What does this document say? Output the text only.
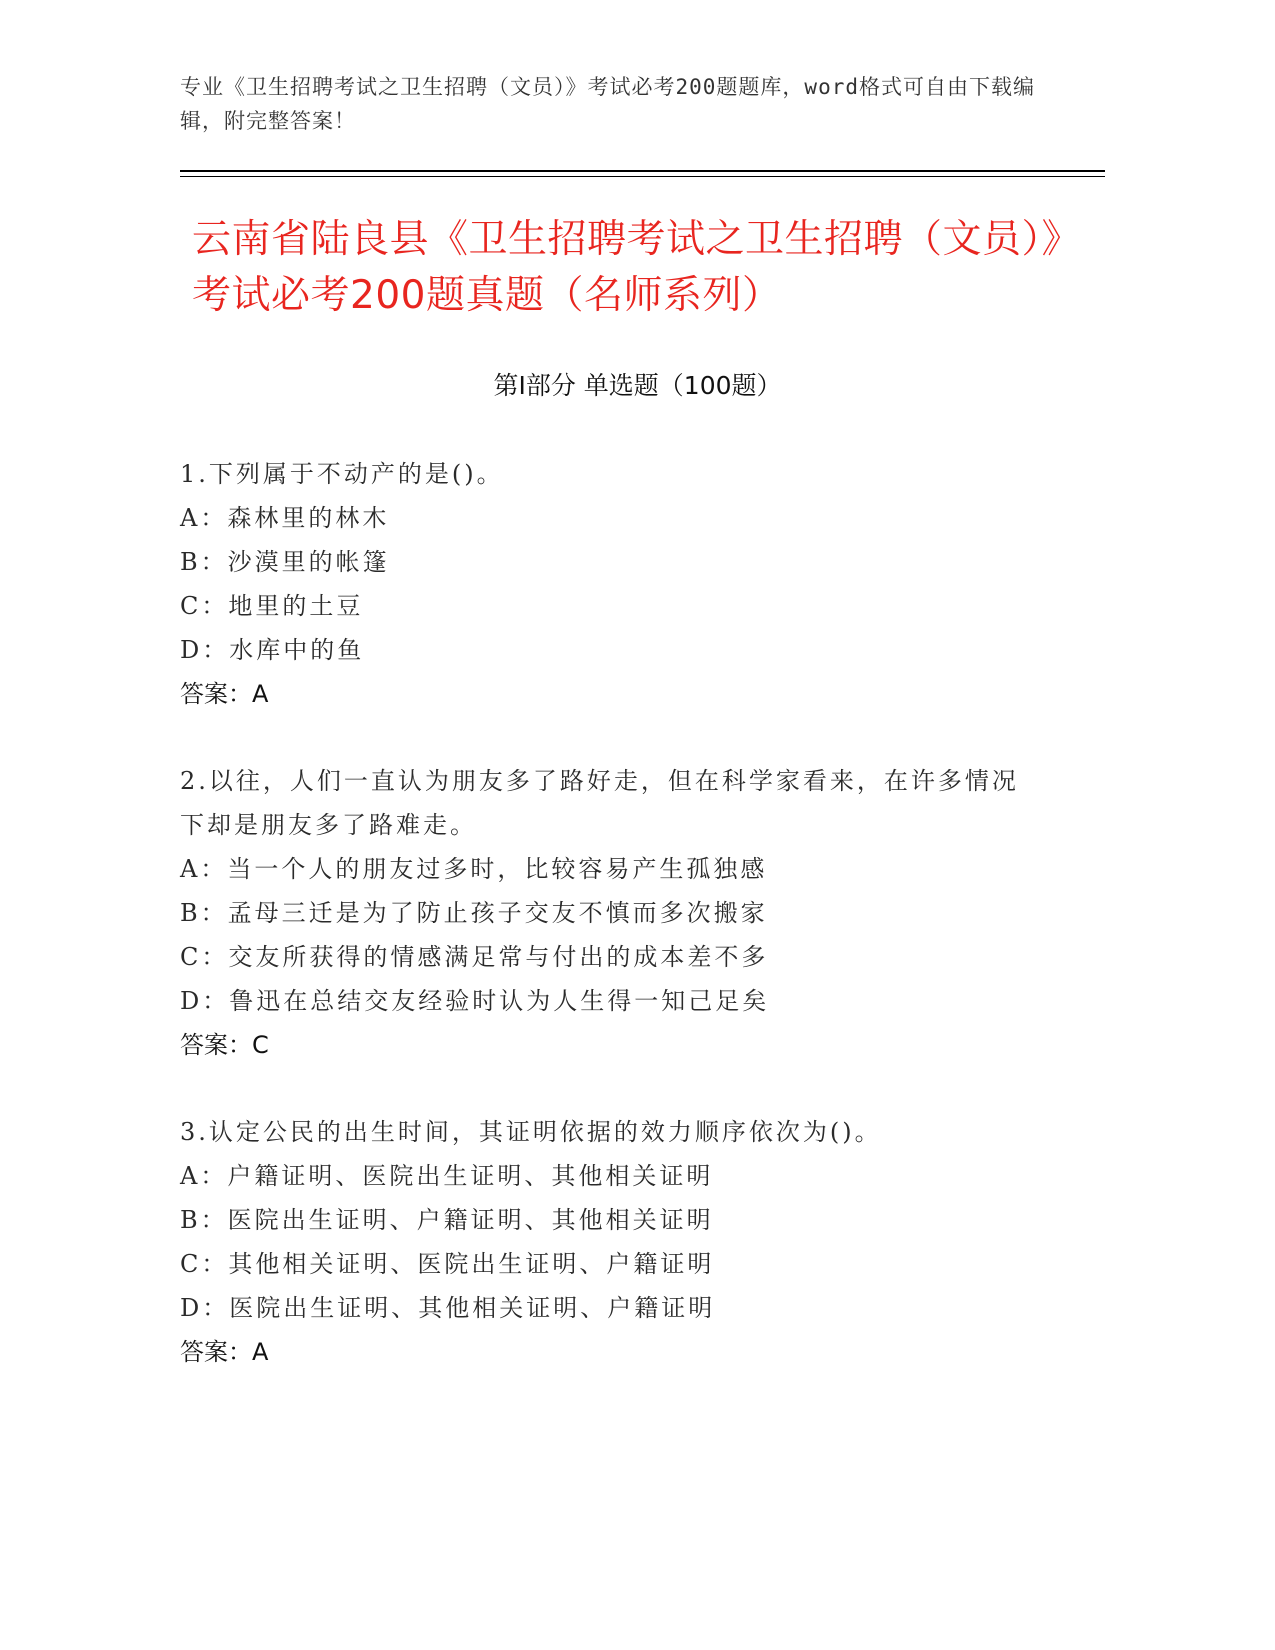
专业《卫生招聘考试之卫生招聘（文员）》考试必考200题题库，word格式可自由下载编辑，附完整答案！
云南省陆良县《卫生招聘考试之卫生招聘（文员）》考试必考200题真题（名师系列）
第I部分 单选题（100题）
1.下列属于不动产的是()。
A：森林里的林木
B：沙漠里的帐篷
C：地里的土豆
D：水库中的鱼
答案：A
2.以往，人们一直认为朋友多了路好走，但在科学家看来，在许多情况下却是朋友多了路难走。
A：当一个人的朋友过多时，比较容易产生孤独感
B：孟母三迁是为了防止孩子交友不慎而多次搬家
C：交友所获得的情感满足常与付出的成本差不多
D：鲁迅在总结交友经验时认为人生得一知己足矣
答案：C
3.认定公民的出生时间，其证明依据的效力顺序依次为()。
A：户籍证明、医院出生证明、其他相关证明
B：医院出生证明、户籍证明、其他相关证明
C：其他相关证明、医院出生证明、户籍证明
D：医院出生证明、其他相关证明、户籍证明
答案：A
